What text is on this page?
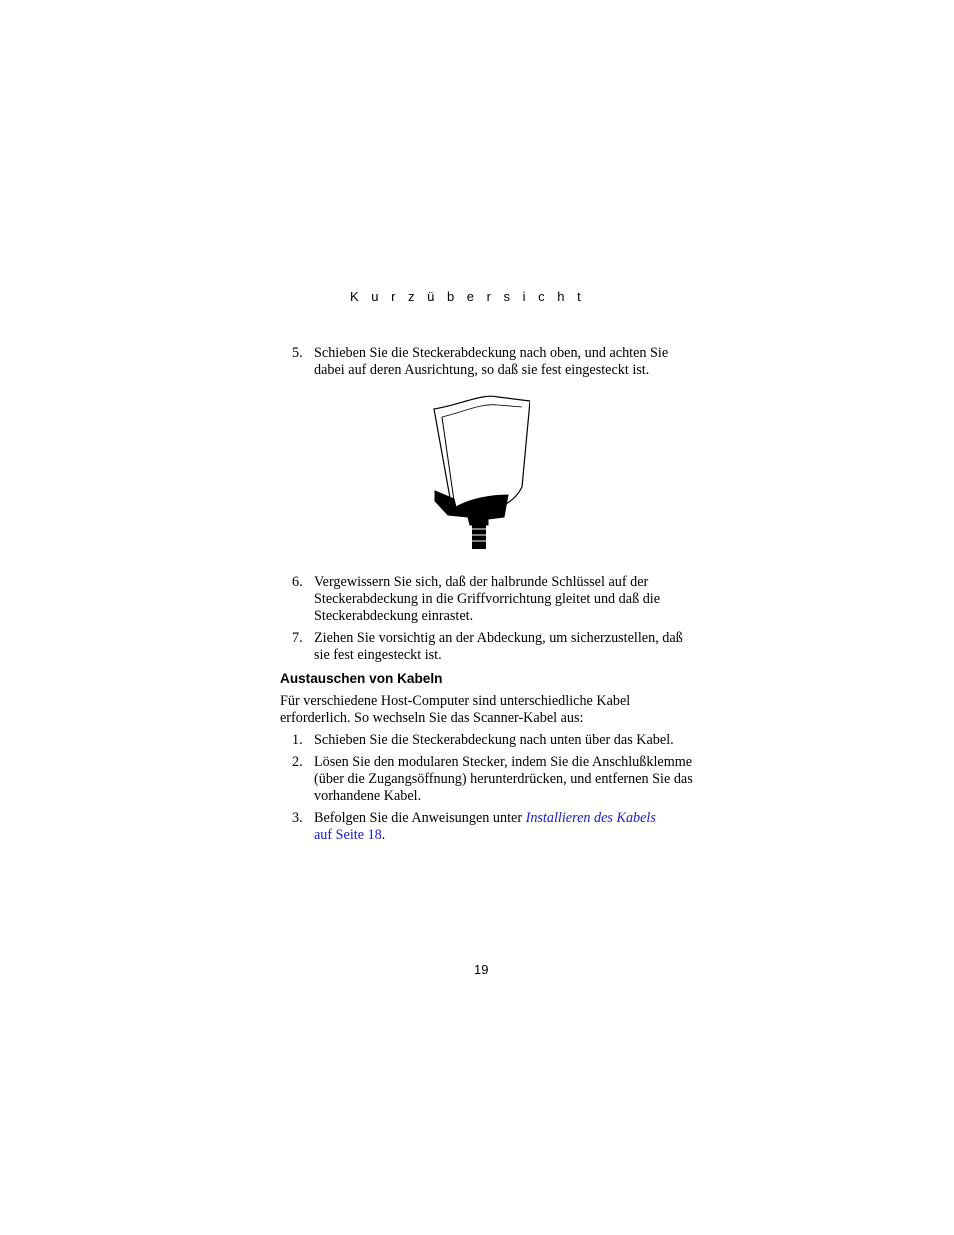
Kurzübersicht
5. Schieben Sie die Steckerabdeckung nach oben, und achten Sie dabei auf deren Ausrichtung, so daß sie fest eingesteckt ist.
6. Vergewissern Sie sich, daß der halbrunde Schlüssel auf der Steckerabdeckung in die Griffvorrichtung gleitet und daß die Steckerabdeckung einrastet.
7. Ziehen Sie vorsichtig an der Abdeckung, um sicherzustellen, daß sie fest eingesteckt ist.
Austauschen von Kabeln

Für verschiedene Host-Computer sind unterschiedliche Kabel erforderlich. So wechseln Sie das Scanner-Kabel aus:

1. Schieben Sie die Steckerabdeckung nach unten über das Kabel.
2. Lösen Sie den modularen Stecker, indem Sie die Anschlußklemme (über die Zugangsöffnung) herunterdrücken, und entfernen Sie das vorhandene Kabel.
3. Befolgen Sie die Anweisungen unter Installieren des Kabels
auf Seite 18.
19
